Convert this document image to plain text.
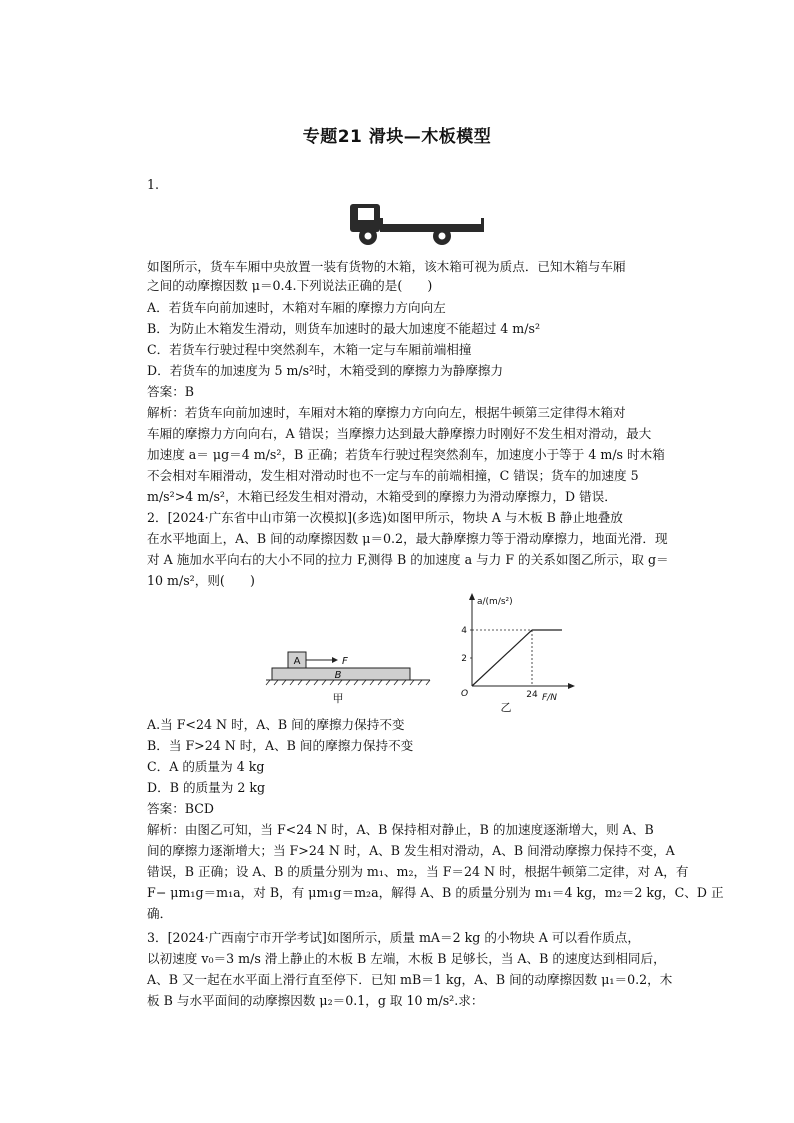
专题21 滑块—木板模型
1.
如图所示，货车车厢中央放置一装有货物的木箱，该木箱可视为质点．已知木箱与车厢
之间的动摩擦因数 μ＝0.4.下列说法正确的是(　　)
A．若货车向前加速时，木箱对车厢的摩擦力方向向左
B．为防止木箱发生滑动，则货车加速时的最大加速度不能超过 4 m/s²
C．若货车行驶过程中突然刹车，木箱一定与车厢前端相撞
D．若货车的加速度为 5 m/s²时，木箱受到的摩擦力为静摩擦力
答案：B
解析：若货车向前加速时，车厢对木箱的摩擦力方向向左，根据牛顿第三定律得木箱对
车厢的摩擦力方向向右，A 错误；当摩擦力达到最大静摩擦力时刚好不发生相对滑动，最大
加速度 a＝ μg＝4 m/s²，B 正确；若货车行驶过程突然刹车，加速度小于等于 4 m/s 时木箱
不会相对车厢滑动，发生相对滑动时也不一定与车的前端相撞，C 错误；货车的加速度 5
m/s²>4 m/s²，木箱已经发生相对滑动，木箱受到的摩擦力为滑动摩擦力，D 错误．
2．[2024·广东省中山市第一次模拟](多选)如图甲所示，物块 A 与木板 B 静止地叠放
在水平地面上，A、B 间的动摩擦因数 μ＝0.2，最大静摩擦力等于滑动摩擦力，地面光滑．现
对 A 施加水平向右的大小不同的拉力 F,测得 B 的加速度 a 与力 F 的关系如图乙所示，取 g＝
10 m/s²，则(　　)
A	F
B
甲
a/(m/s²)
F/N
O
2
4
24
乙
A.当 F<24 N 时，A、B 间的摩擦力保持不变
B．当 F>24 N 时，A、B 间的摩擦力保持不变
C．A 的质量为 4 kg
D．B 的质量为 2 kg
答案：BCD
解析：由图乙可知，当 F<24 N 时，A、B 保持相对静止，B 的加速度逐渐增大，则 A、B
间的摩擦力逐渐增大；当 F>24 N 时，A、B 发生相对滑动，A、B 间滑动摩擦力保持不变，A
错误，B 正确；设 A、B 的质量分别为 m₁、m₂，当 F＝24 N 时，根据牛顿第二定律，对 A，有
F− μm₁g＝m₁a，对 B，有 μm₁g＝m₂a，解得 A、B 的质量分别为 m₁＝4 kg，m₂＝2 kg，C、D 正
确．
3．[2024·广西南宁市开学考试]如图所示，质量 mA＝2 kg 的小物块 A 可以看作质点，
以初速度 v₀＝3 m/s 滑上静止的木板 B 左端，木板 B 足够长，当 A、B 的速度达到相同后，
A、B 又一起在水平面上滑行直至停下．已知 mB＝1 kg，A、B 间的动摩擦因数 μ₁＝0.2，木
板 B 与水平面间的动摩擦因数 μ₂＝0.1，g 取 10 m/s².求：
